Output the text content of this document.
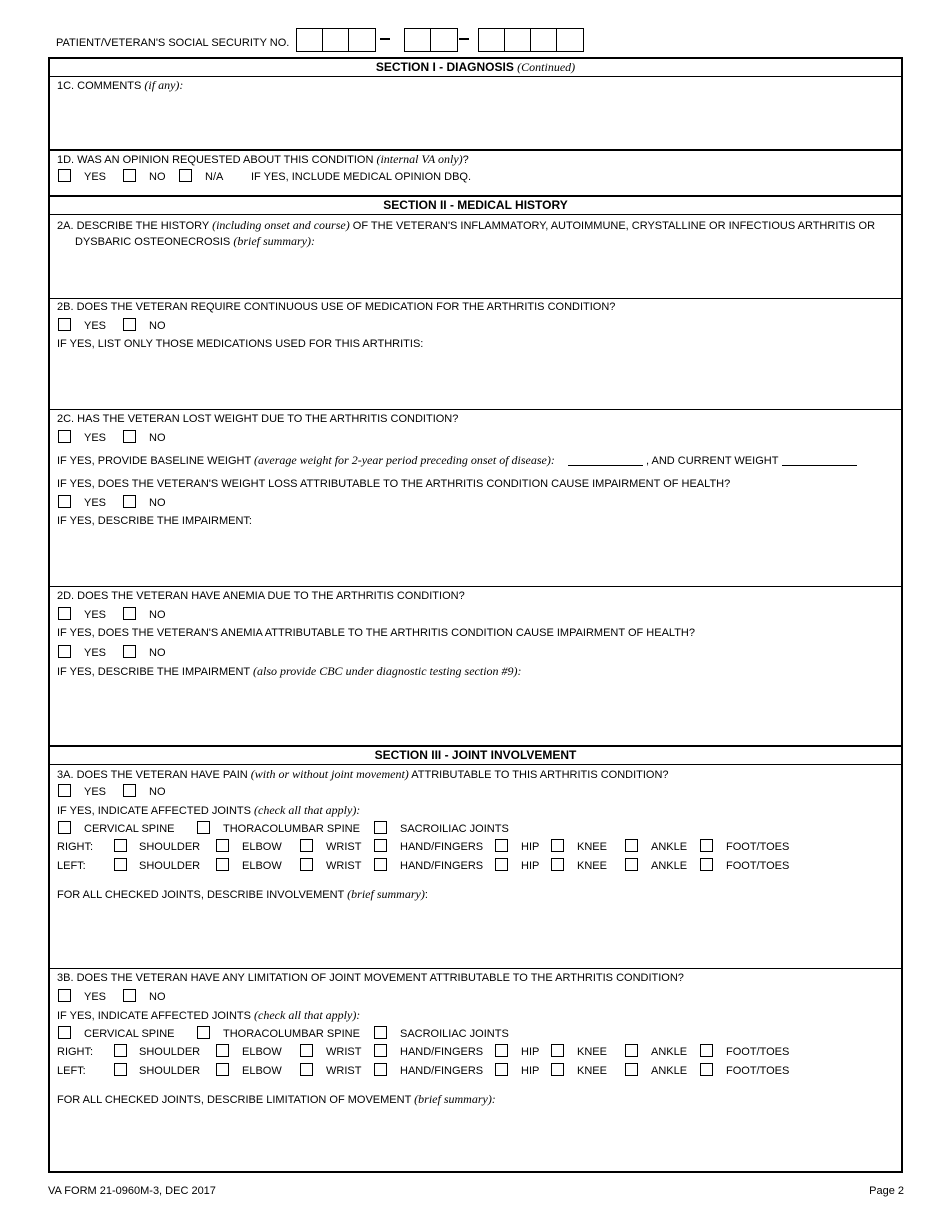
PATIENT/VETERAN'S SOCIAL SECURITY NO.
SECTION I - DIAGNOSIS (Continued)
1C. COMMENTS (if any):
1D. WAS AN OPINION REQUESTED ABOUT THIS CONDITION (internal VA only)?
YES	NO	N/A	IF YES, INCLUDE MEDICAL OPINION DBQ.
SECTION II - MEDICAL HISTORY
2A. DESCRIBE THE HISTORY (including onset and course) OF THE VETERAN'S INFLAMMATORY, AUTOIMMUNE, CRYSTALLINE OR INFECTIOUS ARTHRITIS OR
DYSBARIC OSTEONECROSIS (brief summary):
2B. DOES THE VETERAN REQUIRE CONTINUOUS USE OF MEDICATION FOR THE ARTHRITIS CONDITION?
YES	NO
IF YES, LIST ONLY THOSE MEDICATIONS USED FOR THIS ARTHRITIS:
2C. HAS THE VETERAN LOST WEIGHT DUE TO THE ARTHRITIS CONDITION?
YES	NO
IF YES, PROVIDE BASELINE WEIGHT (average weight for 2-year period preceding onset of disease):	, AND CURRENT WEIGHT
IF YES, DOES THE VETERAN'S WEIGHT LOSS ATTRIBUTABLE TO THE ARTHRITIS CONDITION CAUSE IMPAIRMENT OF HEALTH?
YES	NO
IF YES, DESCRIBE THE IMPAIRMENT:
2D. DOES THE VETERAN HAVE ANEMIA DUE TO THE ARTHRITIS CONDITION?
YES	NO
IF YES, DOES THE VETERAN'S ANEMIA ATTRIBUTABLE TO THE ARTHRITIS CONDITION CAUSE IMPAIRMENT OF HEALTH?
YES	NO
IF YES, DESCRIBE THE IMPAIRMENT (also provide CBC under diagnostic testing section #9):
SECTION III - JOINT INVOLVEMENT
3A. DOES THE VETERAN HAVE PAIN (with or without joint movement) ATTRIBUTABLE TO THIS ARTHRITIS CONDITION?
YES	NO
IF YES, INDICATE AFFECTED JOINTS (check all that apply):
CERVICAL SPINE	THORACOLUMBAR SPINE	SACROILIAC JOINTS
RIGHT:	SHOULDER	ELBOW	WRIST	HAND/FINGERS	HIP	KNEE	ANKLE	FOOT/TOES
LEFT:	SHOULDER	ELBOW	WRIST	HAND/FINGERS	HIP	KNEE	ANKLE	FOOT/TOES
FOR ALL CHECKED JOINTS, DESCRIBE INVOLVEMENT (brief summary):
3B. DOES THE VETERAN HAVE ANY LIMITATION OF JOINT MOVEMENT ATTRIBUTABLE TO THE ARTHRITIS CONDITION?
YES	NO
IF YES, INDICATE AFFECTED JOINTS (check all that apply):
CERVICAL SPINE	THORACOLUMBAR SPINE	SACROILIAC JOINTS
RIGHT:	SHOULDER	ELBOW	WRIST	HAND/FINGERS	HIP	KNEE	ANKLE	FOOT/TOES
LEFT:	SHOULDER	ELBOW	WRIST	HAND/FINGERS	HIP	KNEE	ANKLE	FOOT/TOES
FOR ALL CHECKED JOINTS, DESCRIBE LIMITATION OF MOVEMENT (brief summary):
VA FORM 21-0960M-3, DEC 2017	Page 2
